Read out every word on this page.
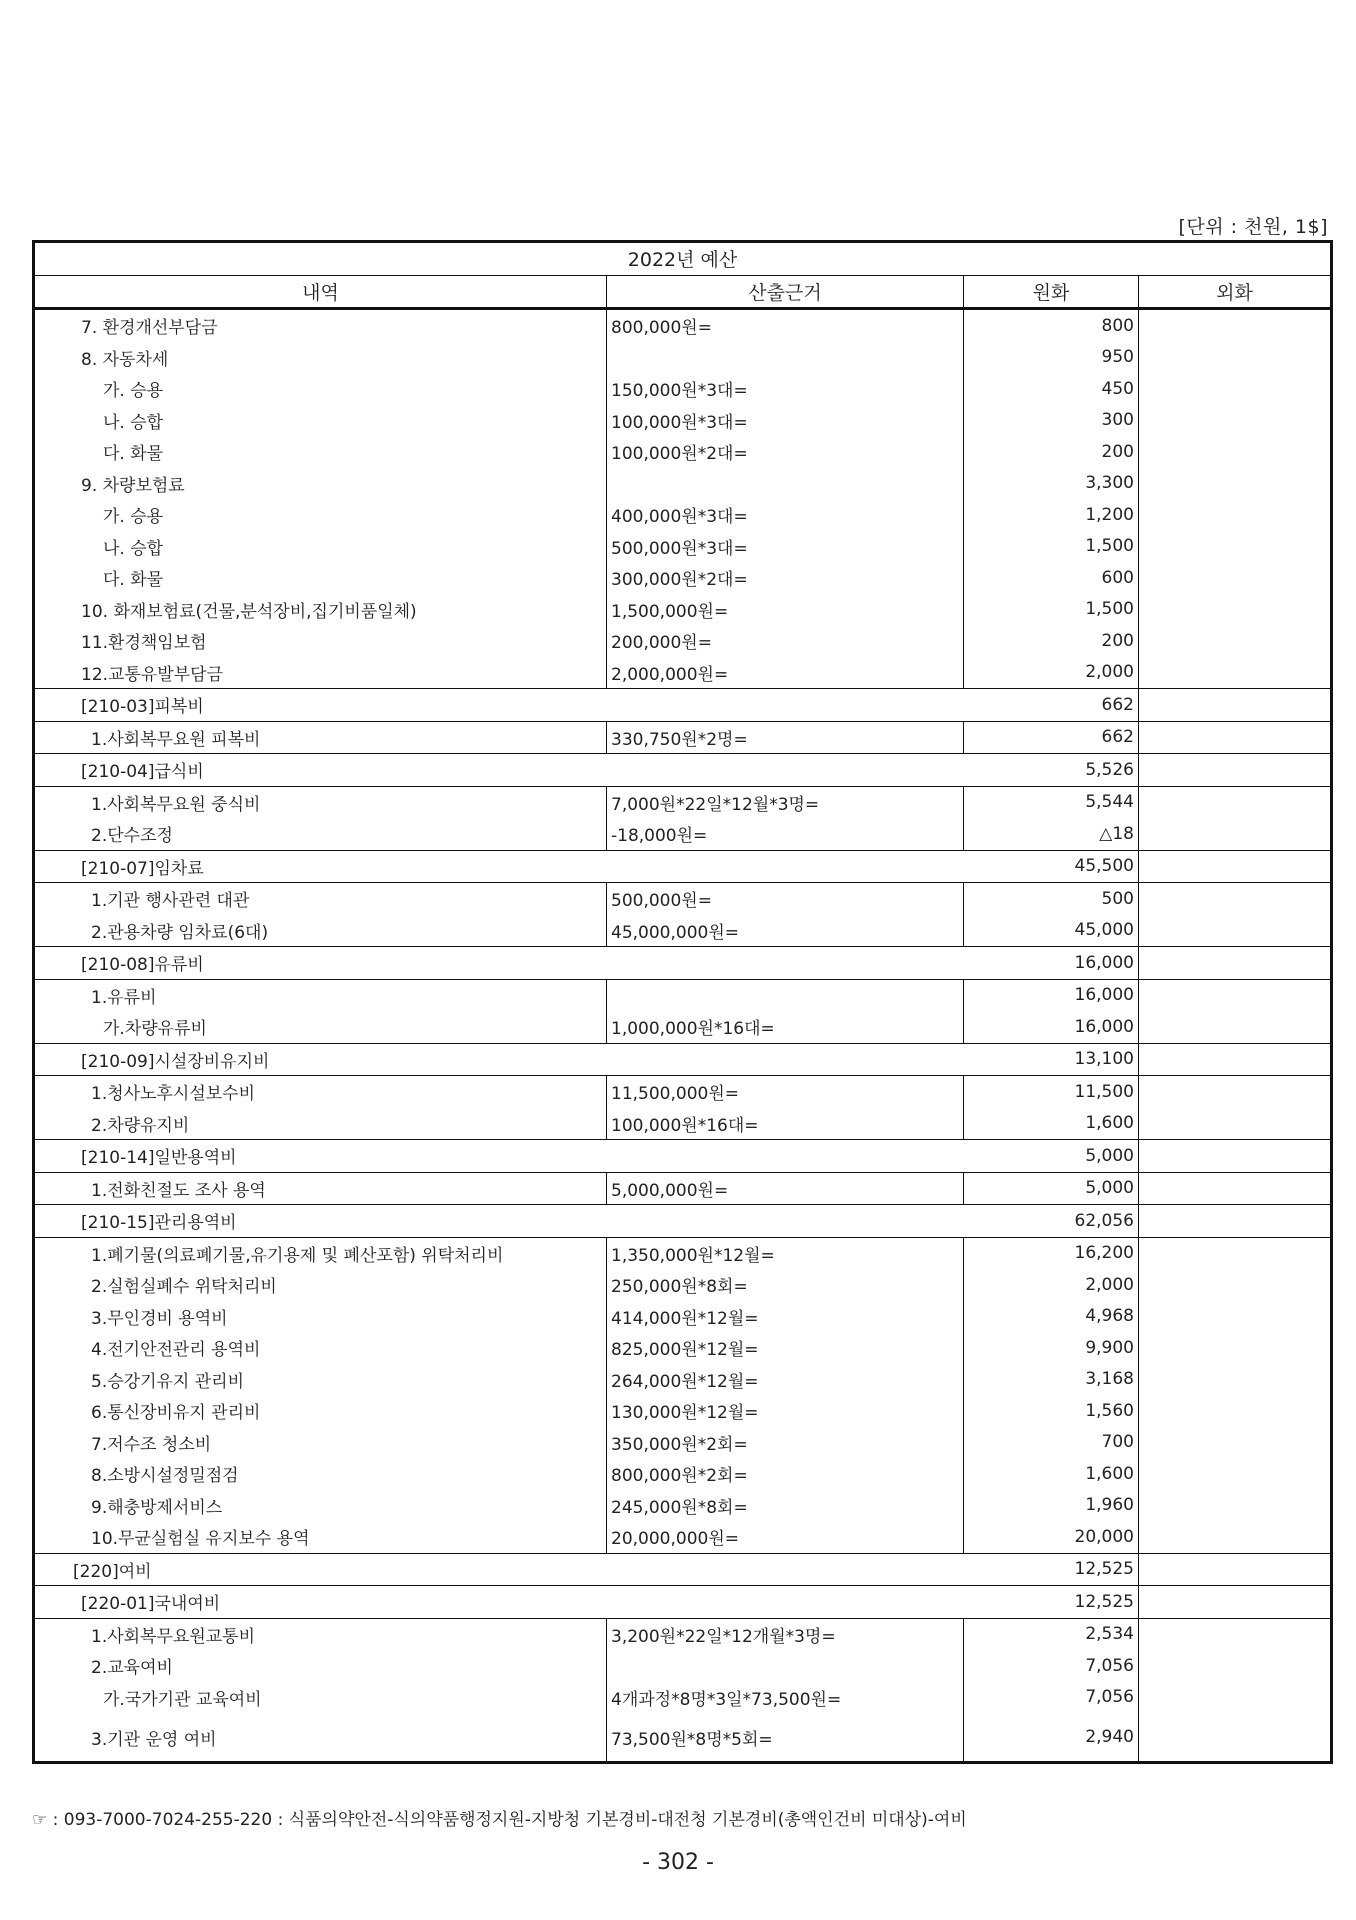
[단위 : 천원, 1$]
2022년 예산			
내역	산출근거	원화	외화
7. 환경개선부담금	800,000원=	800	
8. 자동차세		950	
가. 승용	150,000원*3대=	450	
나. 승합	100,000원*3대=	300	
다. 화물	100,000원*2대=	200	
9. 차량보험료		3,300	
가. 승용	400,000원*3대=	1,200	
나. 승합	500,000원*3대=	1,500	
다. 화물	300,000원*2대=	600	
10. 화재보험료(건물,분석장비,집기비품일체)	1,500,000원=	1,500	
11.환경책임보험	200,000원=	200	
12.교통유발부담금	2,000,000원=	2,000	
[210-03]피복비		662	
1.사회복무요원 피복비	330,750원*2명=	662	
[210-04]급식비		5,526	
1.사회복무요원 중식비	7,000원*22일*12월*3명=	5,544	
2.단수조정	-18,000원=	△18	
[210-07]임차료		45,500	
1.기관 행사관련 대관	500,000원=	500	
2.관용차량 임차료(6대)	45,000,000원=	45,000	
[210-08]유류비		16,000	
1.유류비		16,000	
가.차량유류비	1,000,000원*16대=	16,000	
[210-09]시설장비유지비		13,100	
1.청사노후시설보수비	11,500,000원=	11,500	
2.차량유지비	100,000원*16대=	1,600	
[210-14]일반용역비		5,000	
1.전화친절도 조사 용역	5,000,000원=	5,000	
[210-15]관리용역비		62,056	
1.폐기물(의료폐기물,유기용제 및 폐산포함) 위탁처리비	1,350,000원*12월=	16,200	
2.실험실폐수 위탁처리비	250,000원*8회=	2,000	
3.무인경비 용역비	414,000원*12월=	4,968	
4.전기안전관리 용역비	825,000원*12월=	9,900	
5.승강기유지 관리비	264,000원*12월=	3,168	
6.통신장비유지 관리비	130,000원*12월=	1,560	
7.저수조 청소비	350,000원*2회=	700	
8.소방시설정밀점검	800,000원*2회=	1,600	
9.해충방제서비스	245,000원*8회=	1,960	
10.무균실험실 유지보수 용역	20,000,000원=	20,000	
[220]여비		12,525	
[220-01]국내여비		12,525	
1.사회복무요원교통비	3,200원*22일*12개월*3명=	2,534	
2.교육여비		7,056	
가.국가기관 교육여비	4개과정*8명*3일*73,500원=	7,056	
3.기관 운영 여비	73,500원*8명*5회=	2,940	
☞ : 093-7000-7024-255-220 : 식품의약안전-식의약품행정지원-지방청 기본경비-대전청 기본경비(총액인건비 미대상)-여비
- 302 -
